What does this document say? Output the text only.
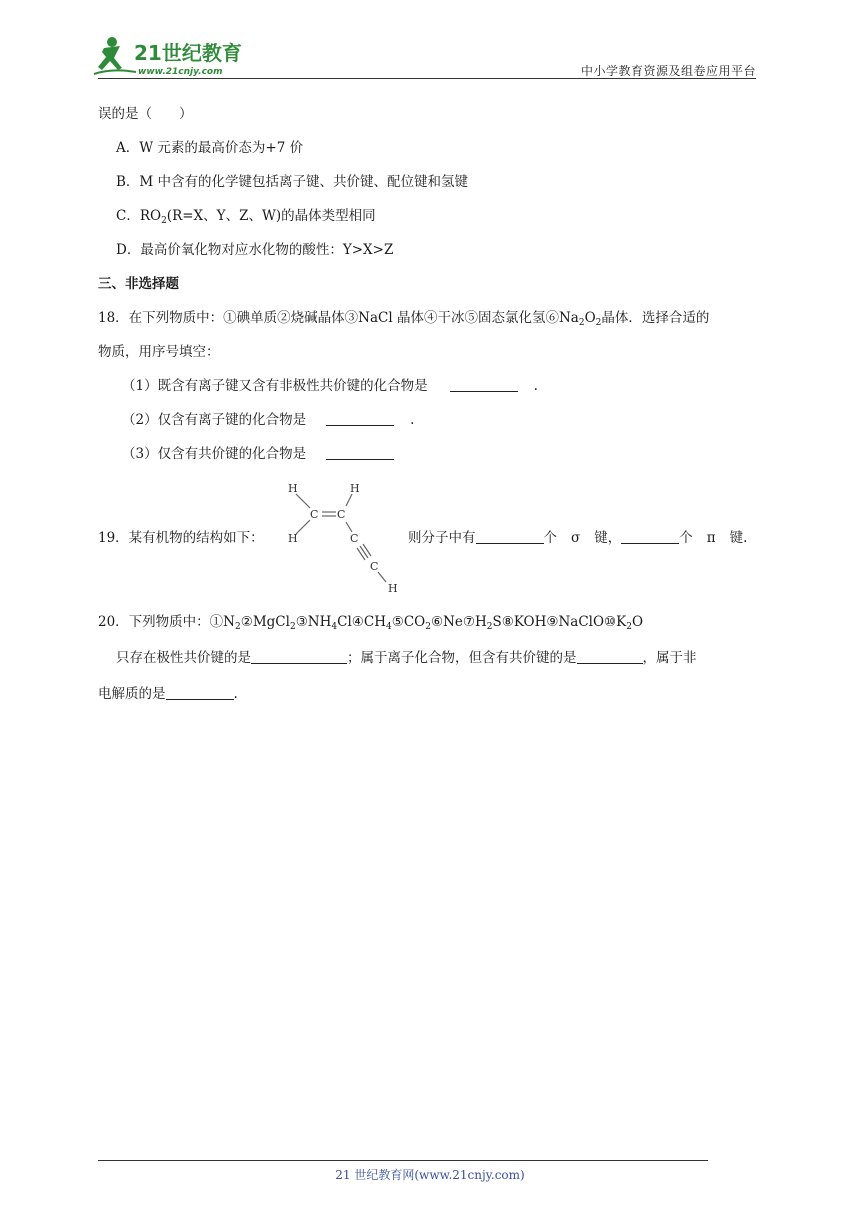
21世纪教育
www.21cnjy.com	中小学教育资源及组卷应用平台
误的是（　　）
A．W 元素的最高价态为+7 价
B．M 中含有的化学键包括离子键、共价键、配位键和氢键
C．$RO_2(R=X$、Y、Z、W)的晶体类型相同
D．最高价氧化物对应水化物的酸性：Y>X>Z
三、非选择题
18．在下列物质中：①碘单质②烧碱晶体③NaCl 晶体④干冰⑤固态氯化氢$⑥Na_2O_2$晶体．选择合适的
物质，用序号填空：
（1）既含有离子键又含有非极性共价键的化合物是	.
（2）仅含有离子键的化合物是	.
（3）仅含有共价键的化合物是
19．某有机物的结构如下：
H	H
C C
H	C
C
H
则分子中有	个 σ 键，	个 π 键.
20．下列物质中：$①N_2②MgCl_2③NH_4Cl④CH_4⑤CO_2⑥Ne⑦H_2S⑧KOH⑨NaClO⑩K_2O$
只存在极性共价键的是	；属于离子化合物，但含有共价键的是	，属于非
电解质的是	.
21 世纪教育网(www.21cnjy.com)
